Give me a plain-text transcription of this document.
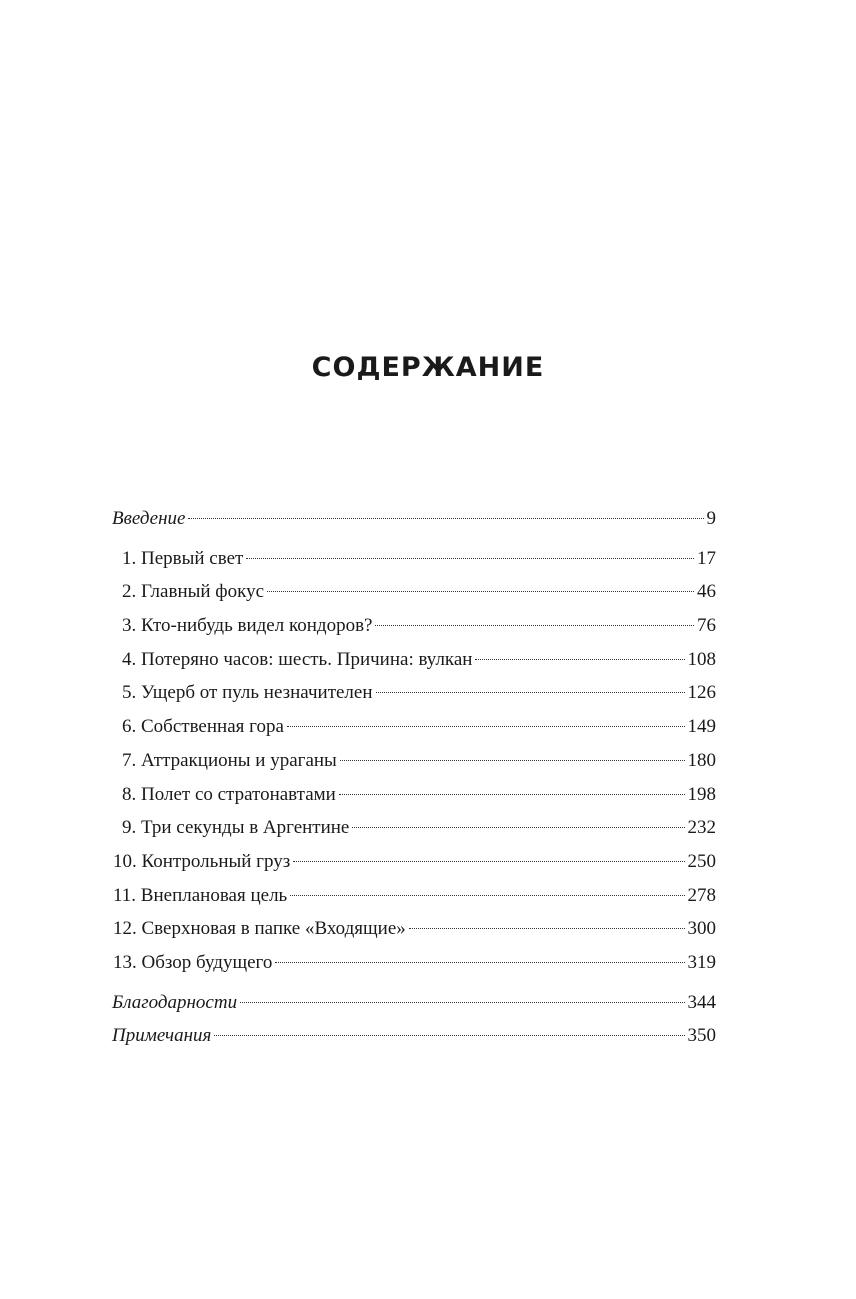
СОДЕРЖАНИЕ
Введение	9
1. Первый свет	17
2. Главный фокус	46
3. Кто-нибудь видел кондоров?	76
4. Потеряно часов: шесть. Причина: вулкан	108
5. Ущерб от пуль незначителен	126
6. Собственная гора	149
7. Аттракционы и ураганы	180
8. Полет со стратонавтами	198
9. Три секунды в Аргентине	232
10. Контрольный груз	250
11. Внеплановая цель	278
12. Сверхновая в папке «Входящие»	300
13. Обзор будущего	319
Благодарности	344
Примечания	350
